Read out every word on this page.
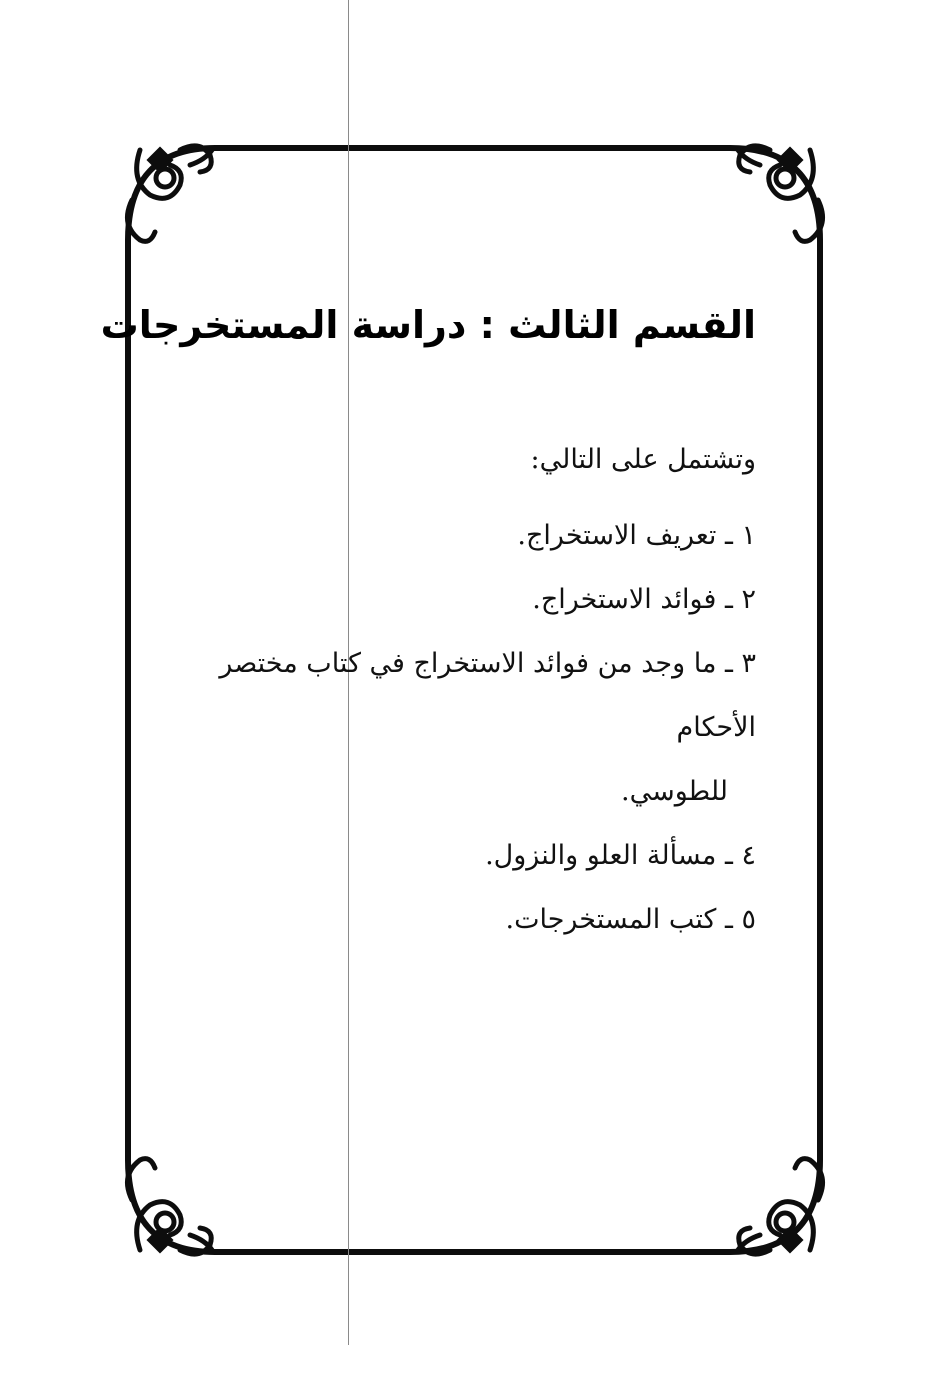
القسم الثالث : دراسة المستخرجات
وتشتمل على التالي:
١ ـ تعريف الاستخراج.
٢ ـ فوائد الاستخراج.
٣ ـ ما وجد من فوائد الاستخراج في كتاب مختصر الأحكام
للطوسي.
٤ ـ مسألة العلو والنزول.
٥ ـ كتب المستخرجات.
